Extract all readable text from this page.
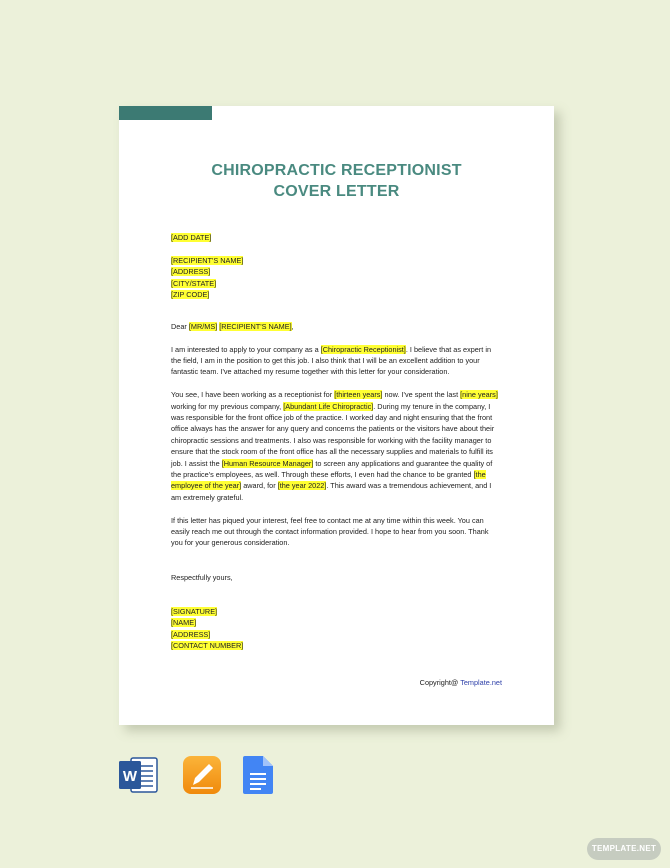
CHIROPRACTIC RECEPTIONIST
COVER LETTER

[ADD DATE]

[RECIPIENT'S NAME]

[ADDRESS]

[CITY/STATE]

[ZIP CODE]

Dear [MR/MS] [RECIPIENT'S NAME],

I am interested to apply to your company as a [Chiropractic Receptionist]. I believe that as expert in the field, I am in the position to get this job. I also think that I will be an excellent addition to your fantastic team. I've attached my resume together with this letter for your consideration.

You see, I have been working as a receptionist for [thirteen years] now. I've spent the last [nine years] working for my previous company, [Abundant Life Chiropractic]. During my tenure in the company, I was responsible for the front office job of the practice. I worked day and night ensuring that the front office always has the answer for any query and concerns the patients or the visitors have about their chiropractic sessions and treatments. I also was responsible for working with the facility manager to ensure that the stock room of the front office has all the necessary supplies and materials to fulfill its job. I assist the [Human Resource Manager] to screen any applications and guarantee the quality of the practice's employees, as well. Through these efforts, I even had the chance to be granted [the employee of the year] award, for [the year 2022]. This award was a tremendous achievement, and I am extremely grateful.

If this letter has piqued your interest, feel free to contact me at any time within this week. You can easily reach me out through the contact information provided. I hope to hear from you soon. Thank you for your generous consideration.

Respectfully yours,

[SIGNATURE]

[NAME]

[ADDRESS]

[CONTACT NUMBER]

Copyright@ Template.net
W
TEMPLATE.NET
